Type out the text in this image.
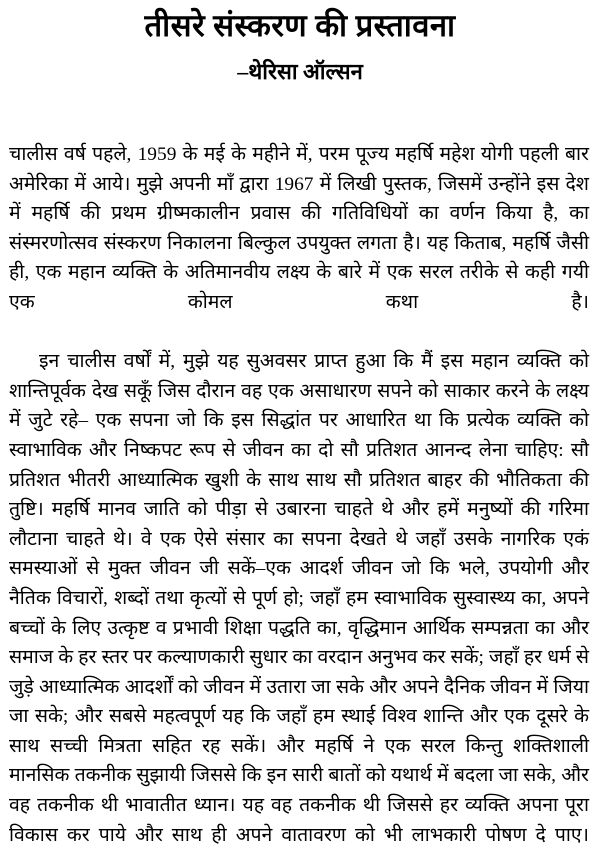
तीसरे संस्करण की प्रस्तावना

–थेरिसा ऑल्सन

चालीस वर्ष पहले, 1959 के मई के महीने में, परम पूज्य महर्षि महेश योगी पहली बार अमेरिका में आये। मुझे अपनी माँ द्वारा 1967 में लिखी पुस्तक, जिसमें उन्होंने इस देश में महर्षि की प्रथम ग्रीष्मकालीन प्रवास की गतिविधियों का वर्णन किया है, का संस्मरणोत्सव संस्करण निकालना बिल्कुल उपयुक्त लगता है। यह किताब, महर्षि जैसी ही, एक महान व्यक्ति के अतिमानवीय लक्ष्य के बारे में एक सरल तरीके से कही गयी एक कोमल कथा है।

इन चालीस वर्षों में, मुझे यह सुअवसर प्राप्त हुआ कि मैं इस महान व्यक्ति को शान्तिपूर्वक देख सकूँ जिस दौरान वह एक असाधारण सपने को साकार करने के लक्ष्य में जुटे रहे– एक सपना जो कि इस सिद्धांत पर आधारित था कि प्रत्येक व्यक्ति को स्वाभाविक और निष्कपट रूप से जीवन का दो सौ प्रतिशत आनन्द लेना चाहिए: सौ प्रतिशत भीतरी आध्यात्मिक खुशी के साथ साथ सौ प्रतिशत बाहर की भौतिकता की तुष्टि। महर्षि मानव जाति को पीड़ा से उबारना चाहते थे और हमें मनुष्यों की गरिमा लौटाना चाहते थे। वे एक ऐसे संसार का सपना देखते थे जहाँ उसके नागरिक एकं समस्याओं से मुक्त जीवन जी सकें–एक आदर्श जीवन जो कि भले, उपयोगी और नैतिक विचारों, शब्दों तथा कृत्यों से पूर्ण हो; जहाँ हम स्वाभाविक सुस्वास्थ्य का, अपने बच्चों के लिए उत्कृष्ट व प्रभावी शिक्षा पद्धति का, वृद्धिमान आर्थिक सम्पन्नता का और समाज के हर स्तर पर कल्याणकारी सुधार का वरदान अनुभव कर सकें; जहाँ हर धर्म से जुड़े आध्यात्मिक आदर्शों को जीवन में उतारा जा सके और अपने दैनिक जीवन में जिया जा सके; और सबसे महत्वपूर्ण यह कि जहाँ हम स्थाई विश्व शान्ति और एक दूसरे के साथ सच्ची मित्रता सहित रह सकें। और महर्षि ने एक सरल किन्तु शक्तिशाली मानसिक तकनीक सुझायी जिससे कि इन सारी बातों को यथार्थ में बदला जा सके, और वह तकनीक थी भावातीत ध्यान। यह वह तकनीक थी जिससे हर व्यक्ति अपना पूरा विकास कर पाये और साथ ही अपने वातावरण को भी लाभकारी पोषण दे पाए।
